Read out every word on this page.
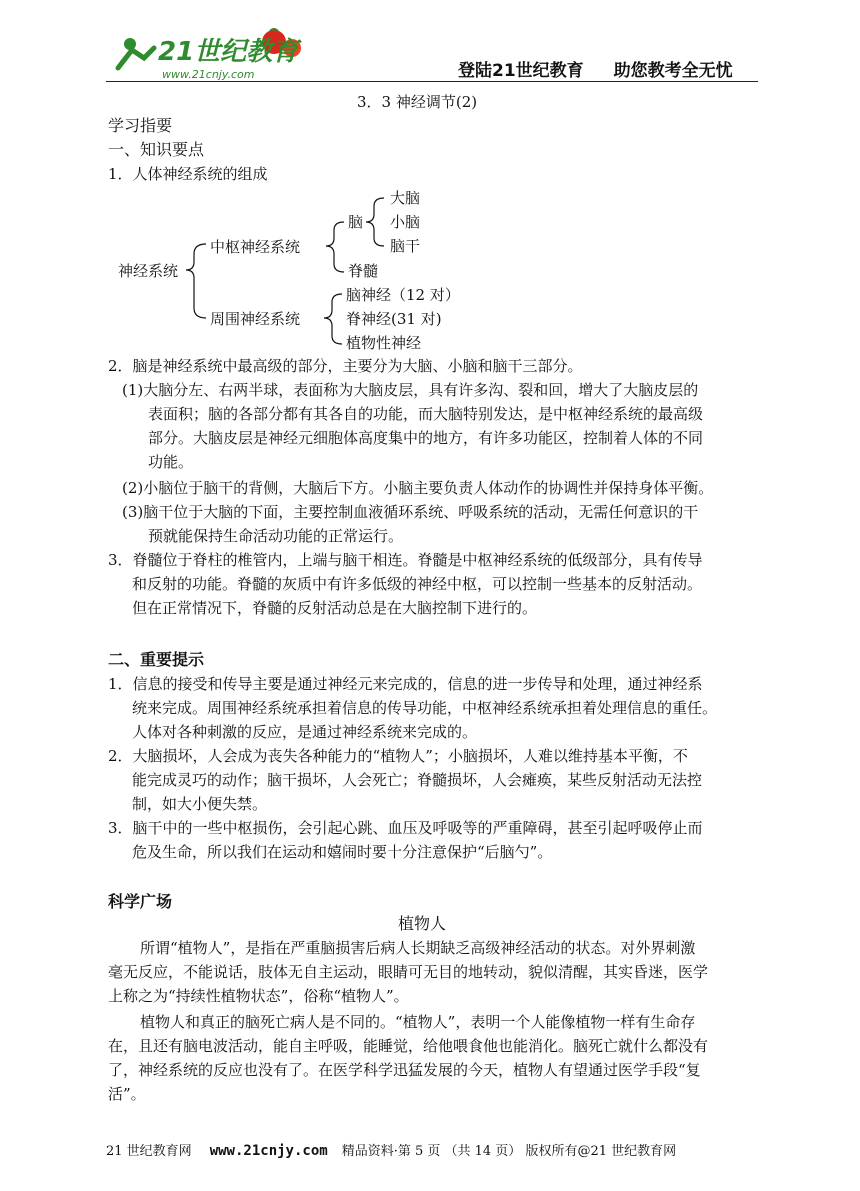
21世纪教育
www.21cnjy.com	登陆21世纪教育 助您教考全无忧
3．3 神经调节(2)
学习指要
一、知识要点
1．人体神经系统的组成
神经系统
中枢神经系统
周围神经系统
脑
脊髓
大脑
小脑
脑干
脑神经（12 对）
脊神经(31 对)
植物性神经
2．脑是神经系统中最高级的部分，主要分为大脑、小脑和脑干三部分。
(1)大脑分左、右两半球，表面称为大脑皮层，具有许多沟、裂和回，增大了大脑皮层的
表面积；脑的各部分都有其各自的功能，而大脑特别发达，是中枢神经系统的最高级
部分。大脑皮层是神经元细胞体高度集中的地方，有许多功能区，控制着人体的不同
功能。
(2)小脑位于脑干的背侧，大脑后下方。小脑主要负责人体动作的协调性并保持身体平衡。
(3)脑干位于大脑的下面，主要控制血液循环系统、呼吸系统的活动，无需任何意识的干
预就能保持生命活动功能的正常运行。
3．脊髓位于脊柱的椎管内，上端与脑干相连。脊髓是中枢神经系统的低级部分，具有传导
和反射的功能。脊髓的灰质中有许多低级的神经中枢，可以控制一些基本的反射活动。
但在正常情况下，脊髓的反射活动总是在大脑控制下进行的。
二、重要提示
1．信息的接受和传导主要是通过神经元来完成的，信息的进一步传导和处理，通过神经系
统来完成。周围神经系统承担着信息的传导功能，中枢神经系统承担着处理信息的重任。
人体对各种刺激的反应，是通过神经系统来完成的。
2．大脑损坏，人会成为丧失各种能力的“植物人”；小脑损坏，人难以维持基本平衡，不
能完成灵巧的动作；脑干损坏，人会死亡；脊髓损坏，人会瘫痪，某些反射活动无法控
制，如大小便失禁。
3．脑干中的一些中枢损伤，会引起心跳、血压及呼吸等的严重障碍，甚至引起呼吸停止而
危及生命，所以我们在运动和嬉闹时要十分注意保护“后脑勺”。
科学广场
植物人
所谓“植物人”，是指在严重脑损害后病人长期缺乏高级神经活动的状态。对外界刺激
毫无反应，不能说话，肢体无自主运动，眼睛可无目的地转动，貌似清醒，其实昏迷，医学
上称之为“持续性植物状态”，俗称“植物人”。
植物人和真正的脑死亡病人是不同的。“植物人”，表明一个人能像植物一样有生命存
在，且还有脑电波活动，能自主呼吸，能睡觉，给他喂食他也能消化。脑死亡就什么都没有
了，神经系统的反应也没有了。在医学科学迅猛发展的今天，植物人有望通过医学手段“复
活”。
21 世纪教育网 www.21cnjy.com 精品资料·第 5 页 （共 14 页） 版权所有@21 世纪教育网
